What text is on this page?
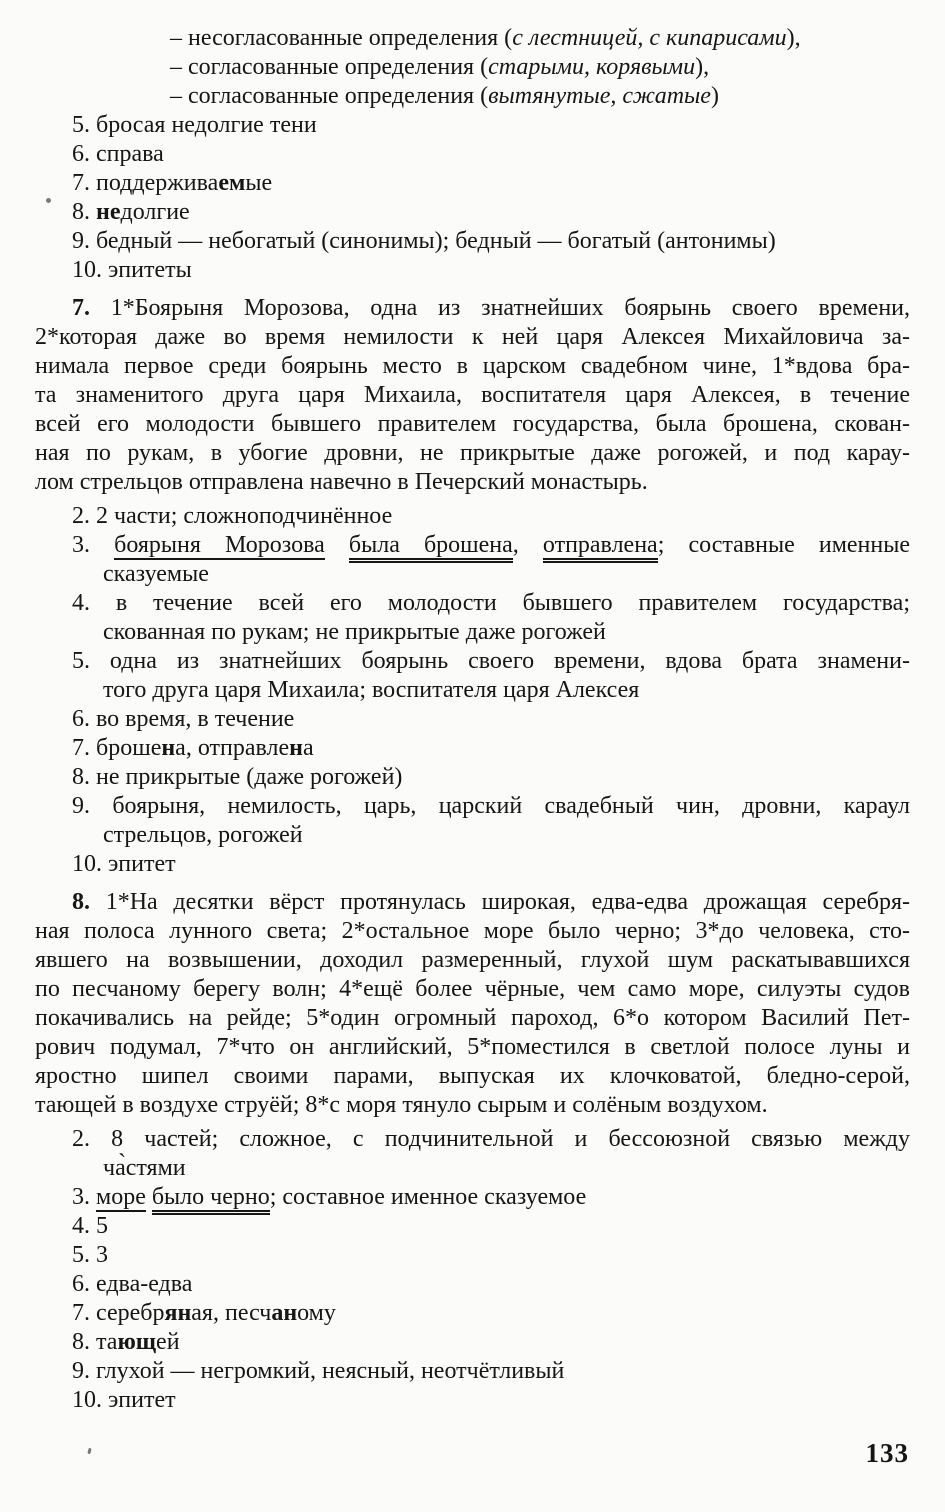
– несогласованные определения (с лестницей, с кипарисами),
– согласованные определения (старыми, корявыми),
– согласованные определения (вытянутые, сжатые)
5. бросая недолгие тени
6. справа
7. поддерживаемые
8. недолгие
9. бедный — небогатый (синонимы); бедный — богатый (антонимы)
10. эпитеты
7. 1*Боярыня Морозова, одна из знатнейших боярынь своего времени,
2*которая даже во время немилости к ней царя Алексея Михайловича за-
нимала первое среди боярынь место в царском свадебном чине, 1*вдова бра-
та знаменитого друга царя Михаила, воспитателя царя Алексея, в течение
всей его молодости бывшего правителем государства, была брошена, скован-
ная по рукам, в убогие дровни, не прикрытые даже рогожей, и под карау-
лом стрельцов отправлена навечно в Печерский монастырь.
2. 2 части; сложноподчинённое
3. боярыня Морозова была брошена, отправлена; составные именные
сказуемые
4. в течение всей его молодости бывшего правителем государства;
скованная по рукам; не прикрытые даже рогожей
5. одна из знатнейших боярынь своего времени, вдова брата знамени-
того друга царя Михаила; воспитателя царя Алексея
6. во время, в течение
7. брошена, отправлена
8. не прикрытые (даже рогожей)
9. боярыня, немилость, царь, царский свадебный чин, дровни, караул
стрельцов, рогожей
10. эпитет
8. 1*На десятки вёрст протянулась широкая, едва-едва дрожащая серебря-
ная полоса лунного света; 2*остальное море было черно; 3*до человека, сто-
явшего на возвышении, доходил размеренный, глухой шум раскатывавшихся
по песчаному берегу волн; 4*ещё более чёрные, чем само море, силуэты судов
покачивались на рейде; 5*один огромный пароход, 6*о котором Василий Пет-
рович подумал, 7*что он английский, 5*поместился в светлой полосе луны и
яростно шипел своими парами, выпуская их клочковатой, бледно-серой,
тающей в воздухе струёй; 8*с моря тянуло сырым и солёным воздухом.
2. 8 частей; сложное, с подчинительной и бессоюзной связью между
ча̀стями
3. море было черно; составное именное сказуемое
4. 5
5. 3
6. едва-едва
7. серебряная, песчаному
8. тающей
9. глухой — негромкий, неясный, неотчётливый
10. эпитет
133
